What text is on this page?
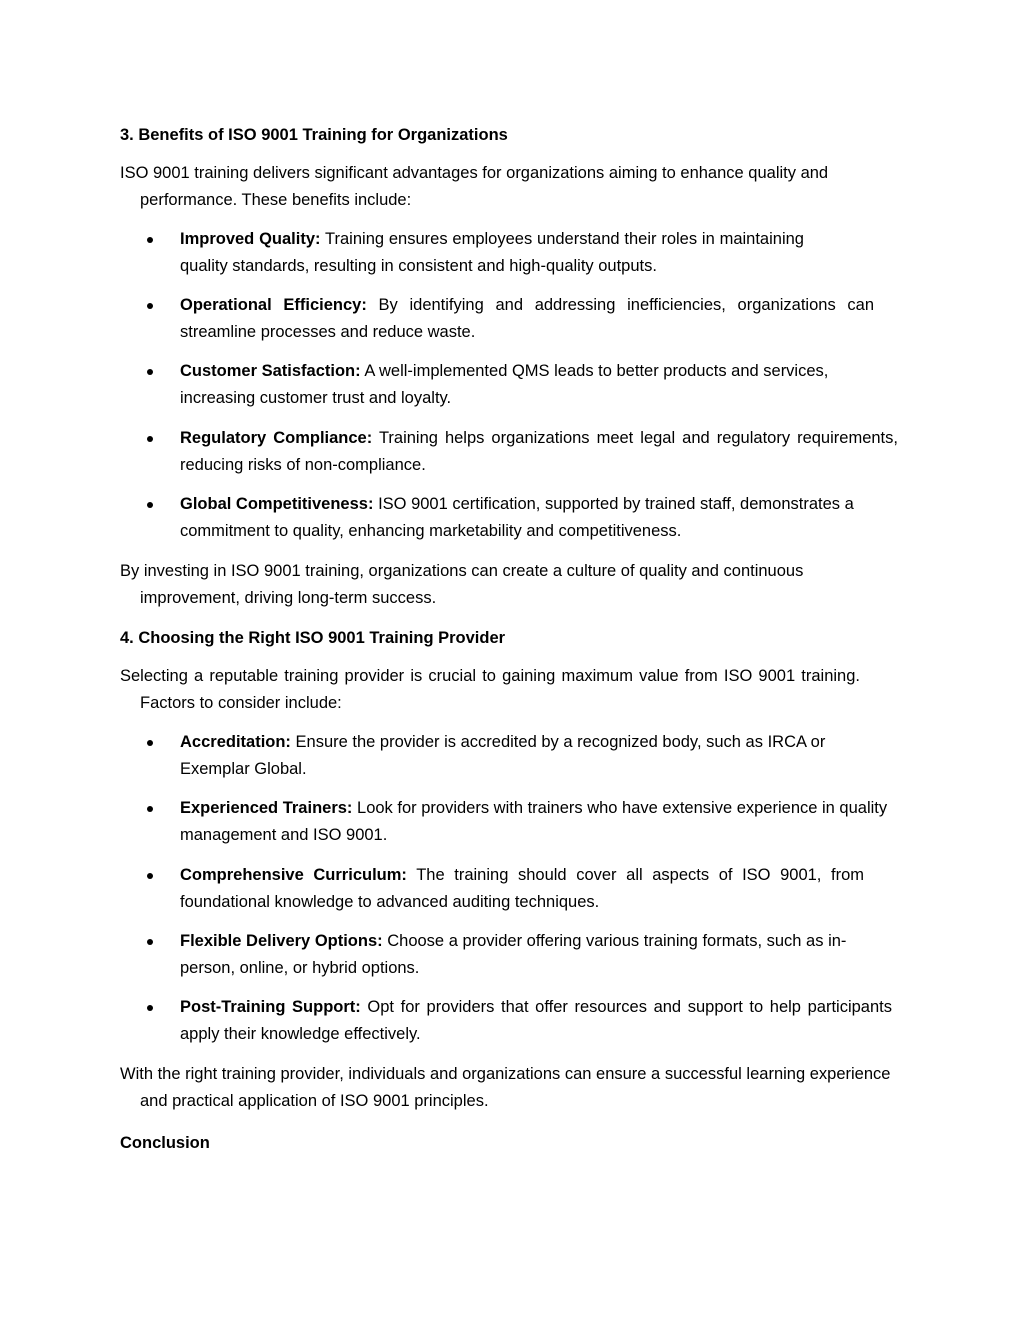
3. Benefits of ISO 9001 Training for Organizations
ISO 9001 training delivers significant advantages for organizations aiming to enhance quality and performance. These benefits include:
Improved Quality: Training ensures employees understand their roles in maintaining quality standards, resulting in consistent and high-quality outputs.
Operational Efficiency: By identifying and addressing inefficiencies, organizations can streamline processes and reduce waste.
Customer Satisfaction: A well-implemented QMS leads to better products and services, increasing customer trust and loyalty.
Regulatory Compliance: Training helps organizations meet legal and regulatory requirements, reducing risks of non-compliance.
Global Competitiveness: ISO 9001 certification, supported by trained staff, demonstrates a commitment to quality, enhancing marketability and competitiveness.
By investing in ISO 9001 training, organizations can create a culture of quality and continuous improvement, driving long-term success.
4. Choosing the Right ISO 9001 Training Provider
Selecting a reputable training provider is crucial to gaining maximum value from ISO 9001 training. Factors to consider include:
Accreditation: Ensure the provider is accredited by a recognized body, such as IRCA or Exemplar Global.
Experienced Trainers: Look for providers with trainers who have extensive experience in quality management and ISO 9001.
Comprehensive Curriculum: The training should cover all aspects of ISO 9001, from foundational knowledge to advanced auditing techniques.
Flexible Delivery Options: Choose a provider offering various training formats, such as in- person, online, or hybrid options.
Post-Training Support: Opt for providers that offer resources and support to help participants apply their knowledge effectively.
With the right training provider, individuals and organizations can ensure a successful learning experience and practical application of ISO 9001 principles.
Conclusion
